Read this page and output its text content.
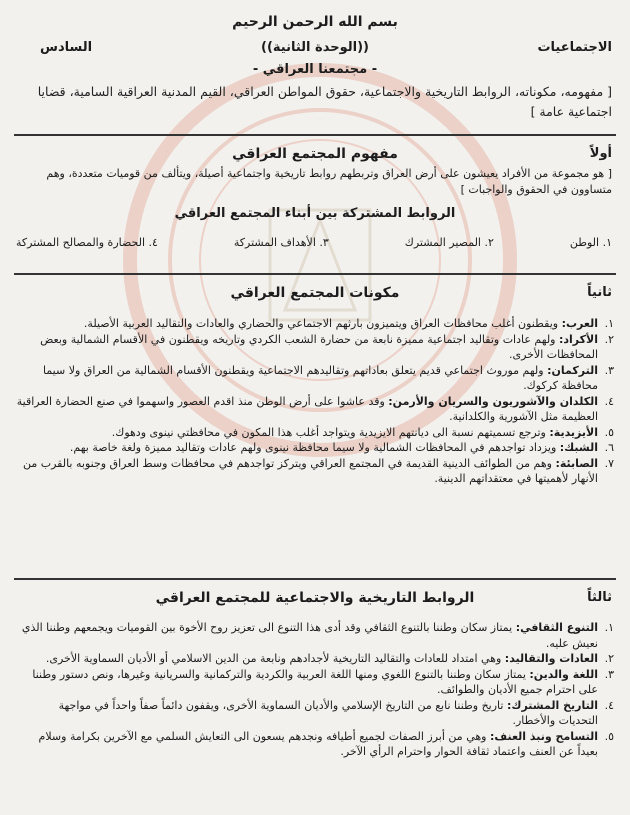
بسم الله الرحمن الرحيم
الاجتماعيات
((الوحدة الثانية))
السادس
- مجتمعنا العراقي -
[ مفهومه، مكوناته، الروابط التاريخية والاجتماعية، حقوق المواطن العراقي، القيم المدنية العراقية السامية، قضايا اجتماعية عامة ]
أولاً
مفهوم المجتمع العراقي
[ هو مجموعة من الأفراد يعيشون على أرض العراق وتربطهم روابط تاريخية واجتماعية أصيلة، ويتألف من قوميات متعددة، وهم متساوون في الحقوق والواجبات ]
الروابط المشتركة بين أبناء المجتمع العراقي
١. الوطن
٢. المصير المشترك
٣. الأهداف المشتركة
٤. الحضارة والمصالح المشتركة
ثانياً
مكونات المجتمع العراقي
١.
العرب: ويقطنون أغلب محافظات العراق ويتميزون بارثهم الاجتماعي والحضاري والعادات والتقاليد العربية الأصيلة.
٢.
الأكراد: ولهم عادات وتقاليد اجتماعية مميزة نابعة من حضارة الشعب الكردي وتاريخه ويقطنون في الأقسام الشمالية وبعض المحافظات الأخرى.
٣.
التركمان: ولهم موروث اجتماعي قديم يتعلق بعاداتهم وتقاليدهم الاجتماعية ويقطنون الأقسام الشمالية من العراق ولا سيما محافظة كركوك.
٤.
الكلدان والآشوريون والسريان والأرمن: وقد عاشوا على أرض الوطن منذ اقدم العصور واسهموا في صنع الحضارة العراقية العظيمة مثل الآشورية والكلدانية.
٥.
الأيزيدية: وترجع تسميتهم نسبة الى ديانتهم الايزيدية ويتواجد أغلب هذا المكون في محافظتي نينوى ودهوك.
٦.
الشبك: ويزداد تواجدهم في المحافظات الشمالية ولا سيما محافظة نينوى ولهم عادات وتقاليد مميزة ولغة خاصة بهم.
٧.
الصابئة: وهم من الطوائف الدينية القديمة في المجتمع العراقي ويتركز تواجدهم في محافظات وسط العراق وجنوبه بالقرب من الأنهار لأهميتها في معتقداتهم الدينية.
ثالثاً
الروابط التاريخية والاجتماعية للمجتمع العراقي
١.
التنوع الثقافي: يمتاز سكان وطننا بالتنوع الثقافي وقد أدى هذا التنوع الى تعزيز روح الأخوة بين القوميات ويجمعهم وطننا الذي نعيش عليه.
٢.
العادات والتقاليد: وهي امتداد للعادات والتقاليد التاريخية لأجدادهم ونابعة من الدين الاسلامي أو الأديان السماوية الأخرى.
٣.
اللغة والدين: يمتاز سكان وطننا بالتنوع اللغوي ومنها اللغة العربية والكردية والتركمانية والسريانية وغيرها، ونص دستور وطننا على احترام جميع الأديان والطوائف.
٤.
التاريخ المشترك: تاريخ وطننا نابع من التاريخ الإسلامي والأديان السماوية الأخرى، ويقفون دائماً صفاً واحداً في مواجهة التحديات والأخطار.
٥.
التسامح ونبذ العنف: وهي من أبرز الصفات لجميع أطيافه ونجدهم يسعون الى التعايش السلمي مع الآخرين بكرامة وسلام بعيداً عن العنف واعتماد ثقافة الحوار واحترام الرأي الآخر.
